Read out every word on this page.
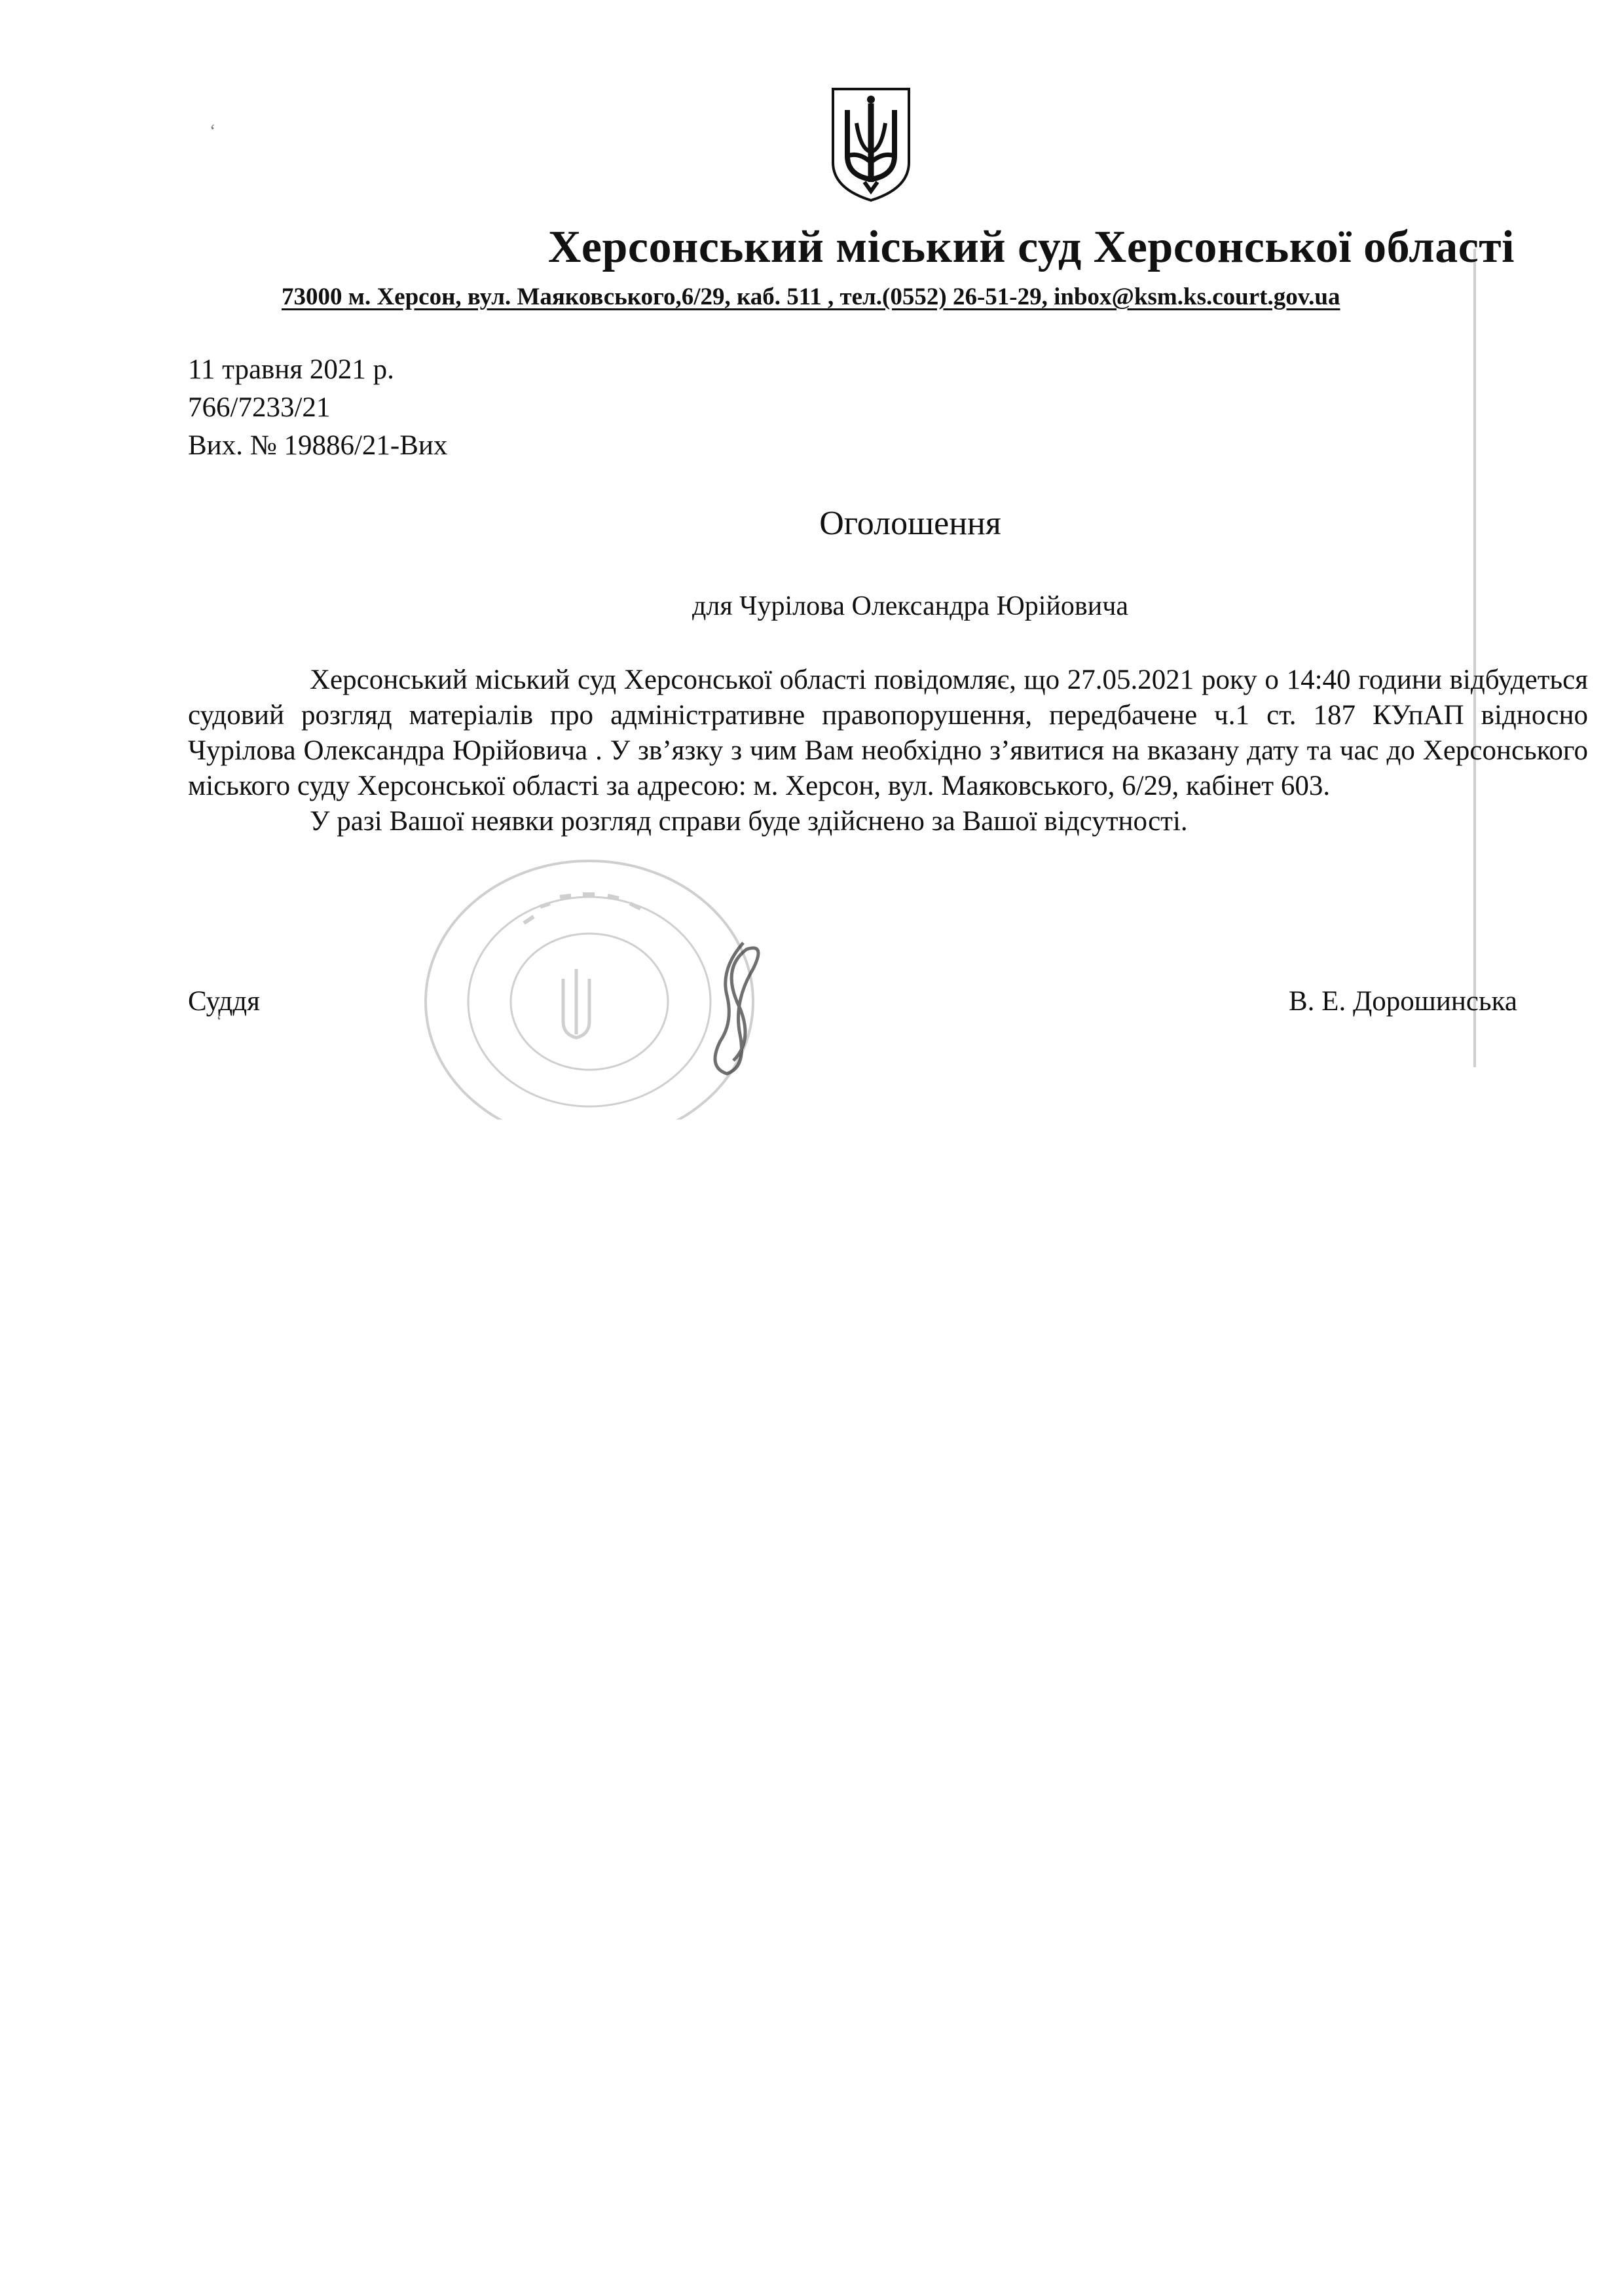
‘
‘
Херсонський міський суд Херсонської області
73000 м. Херсон, вул. Маяковського,6/29, каб. 511 , тел.(0552) 26-51-29, inbox@ksm.ks.court.gov.ua
11 травня 2021 р.
766/7233/21
Вих. № 19886/21-Вих
Оголошення
для Чурілова Олександра Юрійовича

Херсонський міський суд Херсонської області повідомляє, що 27.05.2021 року о 14:40 години відбудеться судовий розгляд матеріалів про адміністративне правопорушення, передбачене ч.1 ст. 187 КУпАП відносно Чурілова Олександра Юрійовича . У зв’язку з чим Вам необхідно з’явитися на вказану дату та час до Херсонського міського суду Херсонської області за адресою: м. Херсон, вул. Маяковського, 6/29, кабінет 603.

У разі Вашої неявки розгляд справи буде здійснено за Вашої відсутності.

Суддя	В. Е. Дорошинська
